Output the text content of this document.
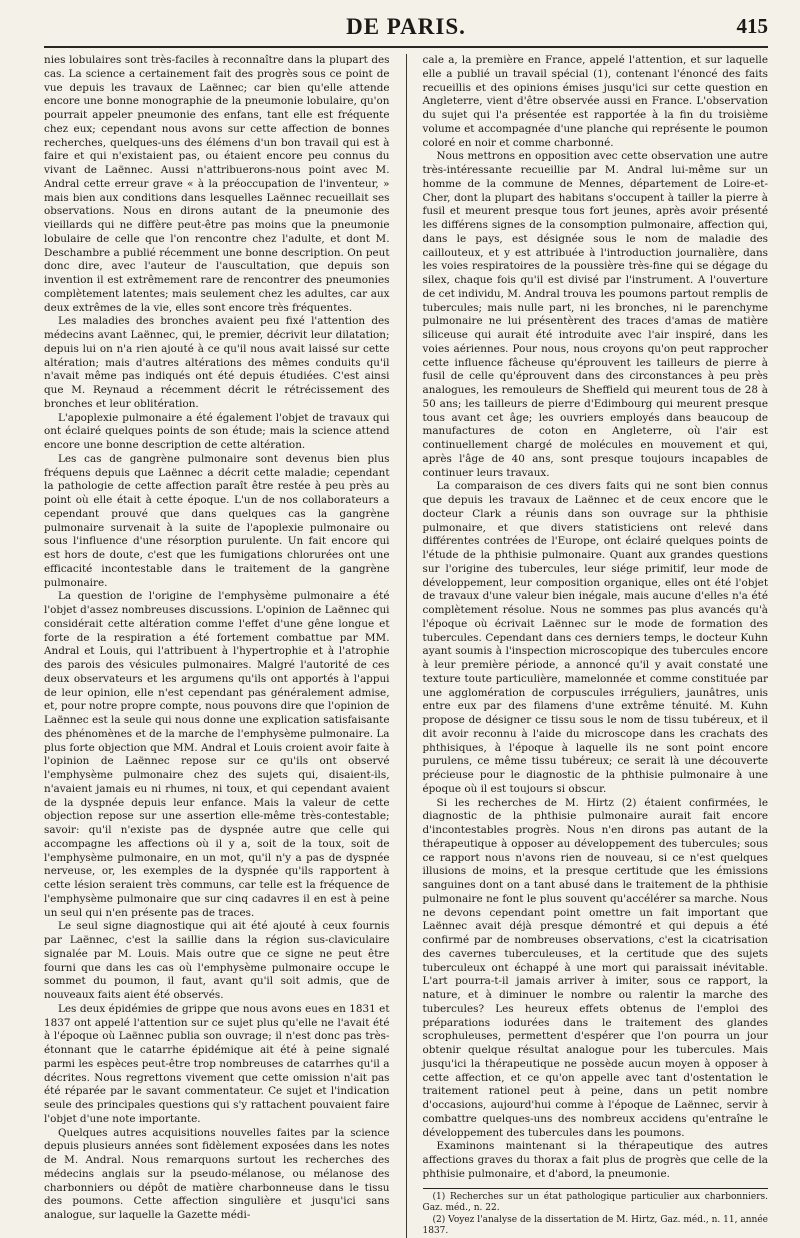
DE PARIS.	415

nies lobulaires sont très-faciles à reconnaître dans la plupart des cas. La science a certainement fait des progrès sous ce point de vue depuis les travaux de Laënnec; car bien qu'elle attende encore une bonne monographie de la pneumonie lobulaire, qu'on pourrait appeler pneumonie des enfans, tant elle est fréquente chez eux; cependant nous avons sur cette affection de bonnes recherches, quelques-uns des élémens d'un bon travail qui est à faire et qui n'existaient pas, ou étaient encore peu connus du vivant de Laënnec. Aussi n'attribuerons-nous point avec M. Andral cette erreur grave « à la préoccupation de l'inventeur, » mais bien aux conditions dans lesquelles Laënnec recueillait ses observations. Nous en dirons autant de la pneumonie des vieillards qui ne diffère peut-être pas moins que la pneumonie lobulaire de celle que l'on rencontre chez l'adulte, et dont M. Deschambre a publié récemment une bonne description. On peut donc dire, avec l'auteur de l'auscultation, que depuis son invention il est extrêmement rare de rencontrer des pneumonies complètement latentes; mais seulement chez les adultes, car aux deux extrêmes de la vie, elles sont encore très fréquentes.

Les maladies des bronches avaient peu fixé l'attention des médecins avant Laënnec, qui, le premier, décrivit leur dilatation; depuis lui on n'a rien ajouté à ce qu'il nous avait laissé sur cette altération; mais d'autres altérations des mêmes conduits qu'il n'avait même pas indiqués ont été depuis étudiées. C'est ainsi que M. Reynaud a récemment décrit le rétrécissement des bronches et leur oblitération.

L'apoplexie pulmonaire a été également l'objet de travaux qui ont éclairé quelques points de son étude; mais la science attend encore une bonne description de cette altération.

Les cas de gangrène pulmonaire sont devenus bien plus fréquens depuis que Laënnec a décrit cette maladie; cependant la pathologie de cette affection paraît être restée à peu près au point où elle était à cette époque. L'un de nos collaborateurs a cependant prouvé que dans quelques cas la gangrène pulmonaire survenait à la suite de l'apoplexie pulmonaire ou sous l'influence d'une résorption purulente. Un fait encore qui est hors de doute, c'est que les fumigations chlorurées ont une efficacité incontestable dans le traitement de la gangrène pulmonaire.

La question de l'origine de l'emphysème pulmonaire a été l'objet d'assez nombreuses discussions. L'opinion de Laënnec qui considérait cette altération comme l'effet d'une gêne longue et forte de la respiration a été fortement combattue par MM. Andral et Louis, qui l'attribuent à l'hypertrophie et à l'atrophie des parois des vésicules pulmonaires. Malgré l'autorité de ces deux observateurs et les argumens qu'ils ont apportés à l'appui de leur opinion, elle n'est cependant pas généralement admise, et, pour notre propre compte, nous pouvons dire que l'opinion de Laënnec est la seule qui nous donne une explication satisfaisante des phénomènes et de la marche de l'emphysème pulmonaire. La plus forte objection que MM. Andral et Louis croient avoir faite à l'opinion de Laënnec repose sur ce qu'ils ont observé l'emphysème pulmonaire chez des sujets qui, disaient-ils, n'avaient jamais eu ni rhumes, ni toux, et qui cependant avaient de la dyspnée depuis leur enfance. Mais la valeur de cette objection repose sur une assertion elle-même très-contestable; savoir: qu'il n'existe pas de dyspnée autre que celle qui accompagne les affections où il y a, soit de la toux, soit de l'emphysème pulmonaire, en un mot, qu'il n'y a pas de dyspnée nerveuse, or, les exemples de la dyspnée qu'ils rapportent à cette lésion seraient très communs, car telle est la fréquence de l'emphysème pulmonaire que sur cinq cadavres il en est à peine un seul qui n'en présente pas de traces.

Le seul signe diagnostique qui ait été ajouté à ceux fournis par Laënnec, c'est la saillie dans la région sus-claviculaire signalée par M. Louis. Mais outre que ce signe ne peut être fourni que dans les cas où l'emphysème pulmonaire occupe le sommet du poumon, il faut, avant qu'il soit admis, que de nouveaux faits aient été observés.

Les deux épidémies de grippe que nous avons eues en 1831 et 1837 ont appelé l'attention sur ce sujet plus qu'elle ne l'avait été à l'époque où Laënnec publia son ouvrage; il n'est donc pas très-étonnant que le catarrhe épidémique ait été à peine signalé parmi les espèces peut-être trop nombreuses de catarrhes qu'il a décrites. Nous regrettons vivement que cette omission n'ait pas été réparée par le savant commentateur. Ce sujet et l'indication seule des principales questions qui s'y rattachent pouvaient faire l'objet d'une note importante.

Quelques autres acquisitions nouvelles faites par la science depuis plusieurs années sont fidèlement exposées dans les notes de M. Andral. Nous remarquons surtout les recherches des médecins anglais sur la pseudo-mélanose, ou mélanose des charbonniers ou dépôt de matière charbonneuse dans le tissu des poumons. Cette affection singulière et jusqu'ici sans analogue, sur laquelle la Gazette médi-

cale a, la première en France, appelé l'attention, et sur laquelle elle a publié un travail spécial (1), contenant l'énoncé des faits recueillis et des opinions émises jusqu'ici sur cette question en Angleterre, vient d'être observée aussi en France. L'observation du sujet qui l'a présentée est rapportée à la fin du troisième volume et accompagnée d'une planche qui représente le poumon coloré en noir et comme charbonné.

Nous mettrons en opposition avec cette observation une autre très-intéressante recueillie par M. Andral lui-même sur un homme de la commune de Mennes, département de Loire-et-Cher, dont la plupart des habitans s'occupent à tailler la pierre à fusil et meurent presque tous fort jeunes, après avoir présenté les différens signes de la consomption pulmonaire, affection qui, dans le pays, est désignée sous le nom de maladie des caillouteux, et y est attribuée à l'introduction journalière, dans les voies respiratoires de la poussière très-fine qui se dégage du silex, chaque fois qu'il est divisé par l'instrument. A l'ouverture de cet individu, M. Andral trouva les poumons partout remplis de tubercules; mais nulle part, ni les bronches, ni le parenchyme pulmonaire ne lui présentèrent des traces d'amas de matière siliceuse qui aurait été introduite avec l'air inspiré, dans les voies aériennes. Pour nous, nous croyons qu'on peut rapprocher cette influence fâcheuse qu'éprouvent les tailleurs de pierre à fusil de celle qu'éprouvent dans des circonstances à peu près analogues, les remouleurs de Sheffield qui meurent tous de 28 à 50 ans; les tailleurs de pierre d'Edimbourg qui meurent presque tous avant cet âge; les ouvriers employés dans beaucoup de manufactures de coton en Angleterre, où l'air est continuellement chargé de molécules en mouvement et qui, après l'âge de 40 ans, sont presque toujours incapables de continuer leurs travaux.

La comparaison de ces divers faits qui ne sont bien connus que depuis les travaux de Laënnec et de ceux encore que le docteur Clark a réunis dans son ouvrage sur la phthisie pulmonaire, et que divers statisticiens ont relevé dans différentes contrées de l'Europe, ont éclairé quelques points de l'étude de la phthisie pulmonaire. Quant aux grandes questions sur l'origine des tubercules, leur siége primitif, leur mode de développement, leur composition organique, elles ont été l'objet de travaux d'une valeur bien inégale, mais aucune d'elles n'a été complètement résolue. Nous ne sommes pas plus avancés qu'à l'époque où écrivait Laënnec sur le mode de formation des tubercules. Cependant dans ces derniers temps, le docteur Kuhn ayant soumis à l'inspection microscopique des tubercules encore à leur première période, a annoncé qu'il y avait constaté une texture toute particulière, mamelonnée et comme constituée par une agglomération de corpuscules irréguliers, jaunâtres, unis entre eux par des filamens d'une extrême ténuité. M. Kuhn propose de désigner ce tissu sous le nom de tissu tubéreux, et il dit avoir reconnu à l'aide du microscope dans les crachats des phthisiques, à l'époque à laquelle ils ne sont point encore purulens, ce même tissu tubéreux; ce serait là une découverte précieuse pour le diagnostic de la phthisie pulmonaire à une époque où il est toujours si obscur.

Si les recherches de M. Hirtz (2) étaient confirmées, le diagnostic de la phthisie pulmonaire aurait fait encore d'incontestables progrès. Nous n'en dirons pas autant de la thérapeutique à opposer au développement des tubercules; sous ce rapport nous n'avons rien de nouveau, si ce n'est quelques illusions de moins, et la presque certitude que les émissions sanguines dont on a tant abusé dans le traitement de la phthisie pulmonaire ne font le plus souvent qu'accélérer sa marche. Nous ne devons cependant point omettre un fait important que Laënnec avait déjà presque démontré et qui depuis a été confirmé par de nombreuses observations, c'est la cicatrisation des cavernes tuberculeuses, et la certitude que des sujets tuberculeux ont échappé à une mort qui paraissait inévitable. L'art pourra-t-il jamais arriver à imiter, sous ce rapport, la nature, et à diminuer le nombre ou ralentir la marche des tubercules? Les heureux effets obtenus de l'emploi des préparations iodurées dans le traitement des glandes scrophuleuses, permettent d'espérer que l'on pourra un jour obtenir quelque résultat analogue pour les tubercules. Mais jusqu'ici la thérapeutique ne possède aucun moyen à opposer à cette affection, et ce qu'on appelle avec tant d'ostentation le traitement rationel peut à peine, dans un petit nombre d'occasions, aujourd'hui comme à l'époque de Laënnec, servir à combattre quelques-uns des nombreux accidens qu'entraîne le développement des tubercules dans les poumons.

Examinons maintenant si la thérapeutique des autres affections graves du thorax a fait plus de progrès que celle de la phthisie pulmonaire, et d'abord, la pneumonie.

(1) Recherches sur un état pathologique particulier aux charbonniers. Gaz. méd., n. 22.

(2) Voyez l'analyse de la dissertation de M. Hirtz, Gaz. méd., n. 11, année 1837.
